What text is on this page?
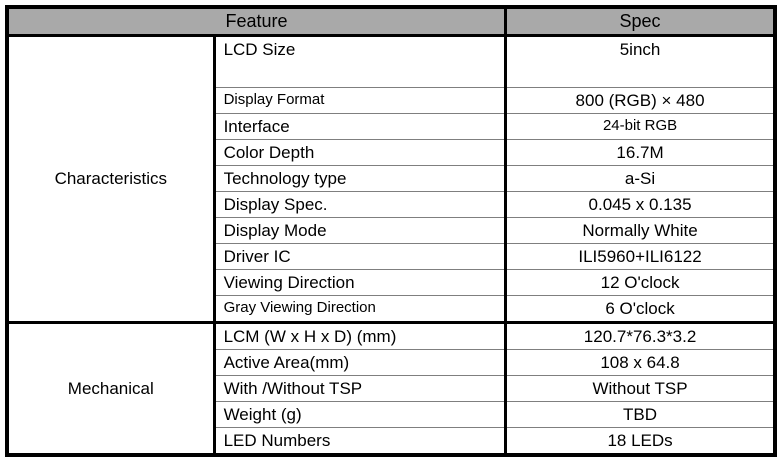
Feature		Spec
Characteristics	LCD Size	5inch
	Display Format	800 (RGB) × 480
	Interface	24-bit RGB
	Color Depth	16.7M
	Technology type	a-Si
	Display Spec.	0.045 x 0.135
	Display Mode	Normally White
	Driver IC	ILI5960+ILI6122
	Viewing Direction	12 O'clock
	Gray Viewing Direction	6 O'clock
Mechanical	LCM (W x H x D) (mm)	120.7*76.3*3.2
	Active Area(mm)	108 x 64.8
	With /Without TSP	Without TSP
	Weight (g)	TBD
	LED Numbers	18 LEDs
